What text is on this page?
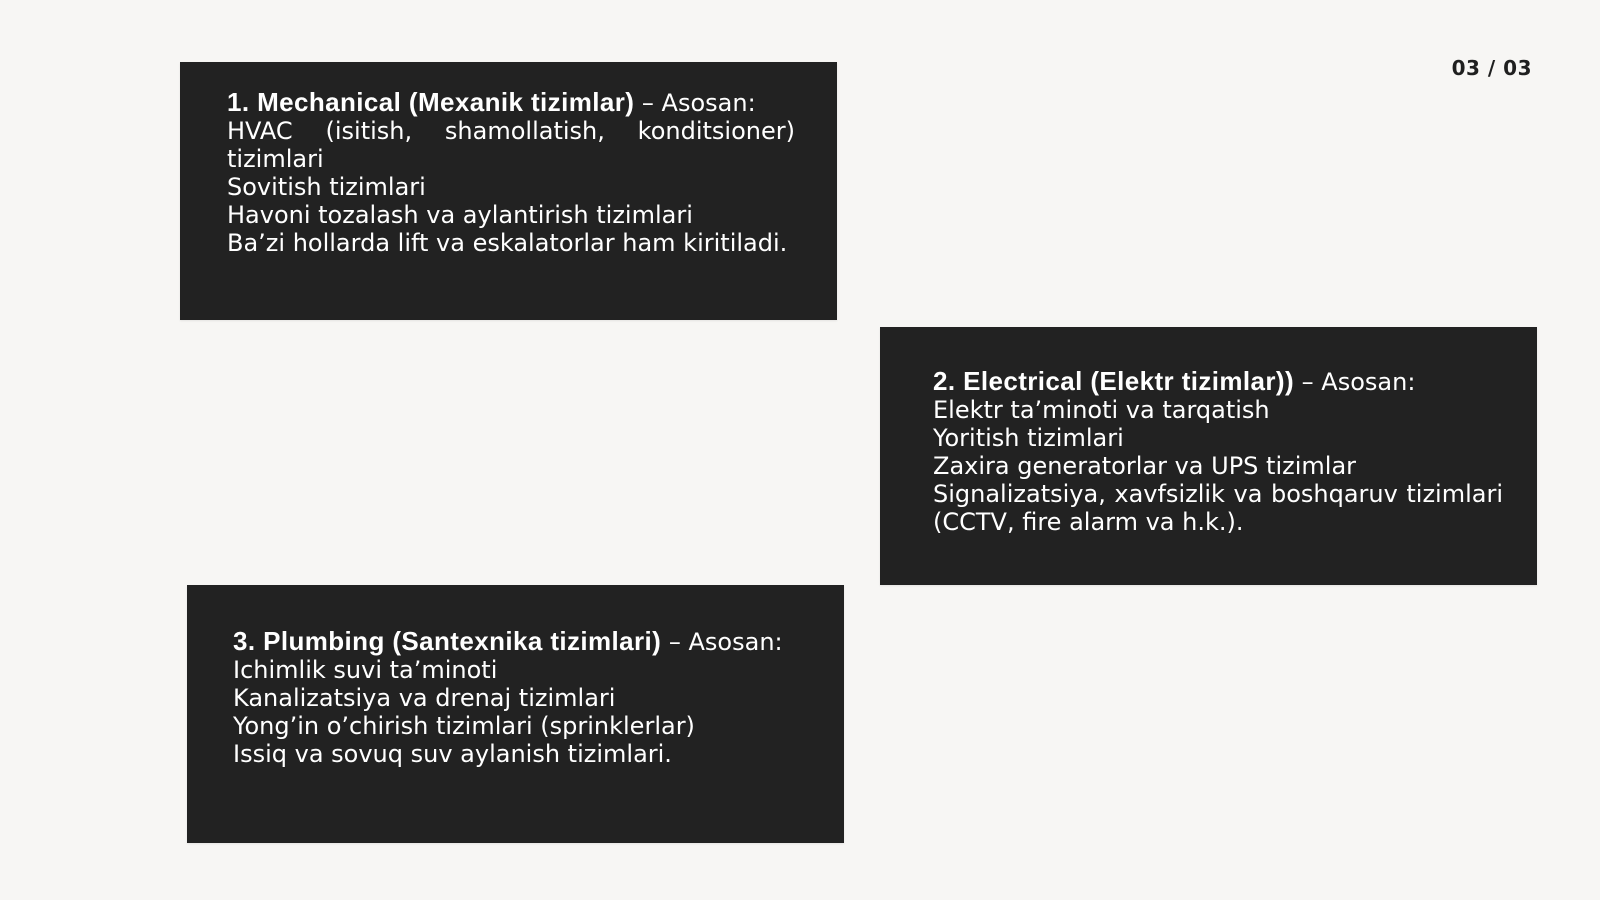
03 / 03
1. Mechanical (Mexanik tizimlar) – Asosan:
HVAC (isitish, shamollatish, konditsioner) tizimlari
Sovitish tizimlari
Havoni tozalash va aylantirish tizimlari
Ba’zi hollarda lift va eskalatorlar ham kiritiladi.
2. Electrical (Elektr tizimlar)) – Asosan:
Elektr ta’minoti va tarqatish
Yoritish tizimlari
Zaxira generatorlar va UPS tizimlar
Signalizatsiya, xavfsizlik va boshqaruv tizimlari (CCTV, fire alarm va h.k.).
3. Plumbing (Santexnika tizimlari) – Asosan:
Ichimlik suvi ta’minoti
Kanalizatsiya va drenaj tizimlari
Yong’in o’chirish tizimlari (sprinklerlar)
Issiq va sovuq suv aylanish tizimlari.
